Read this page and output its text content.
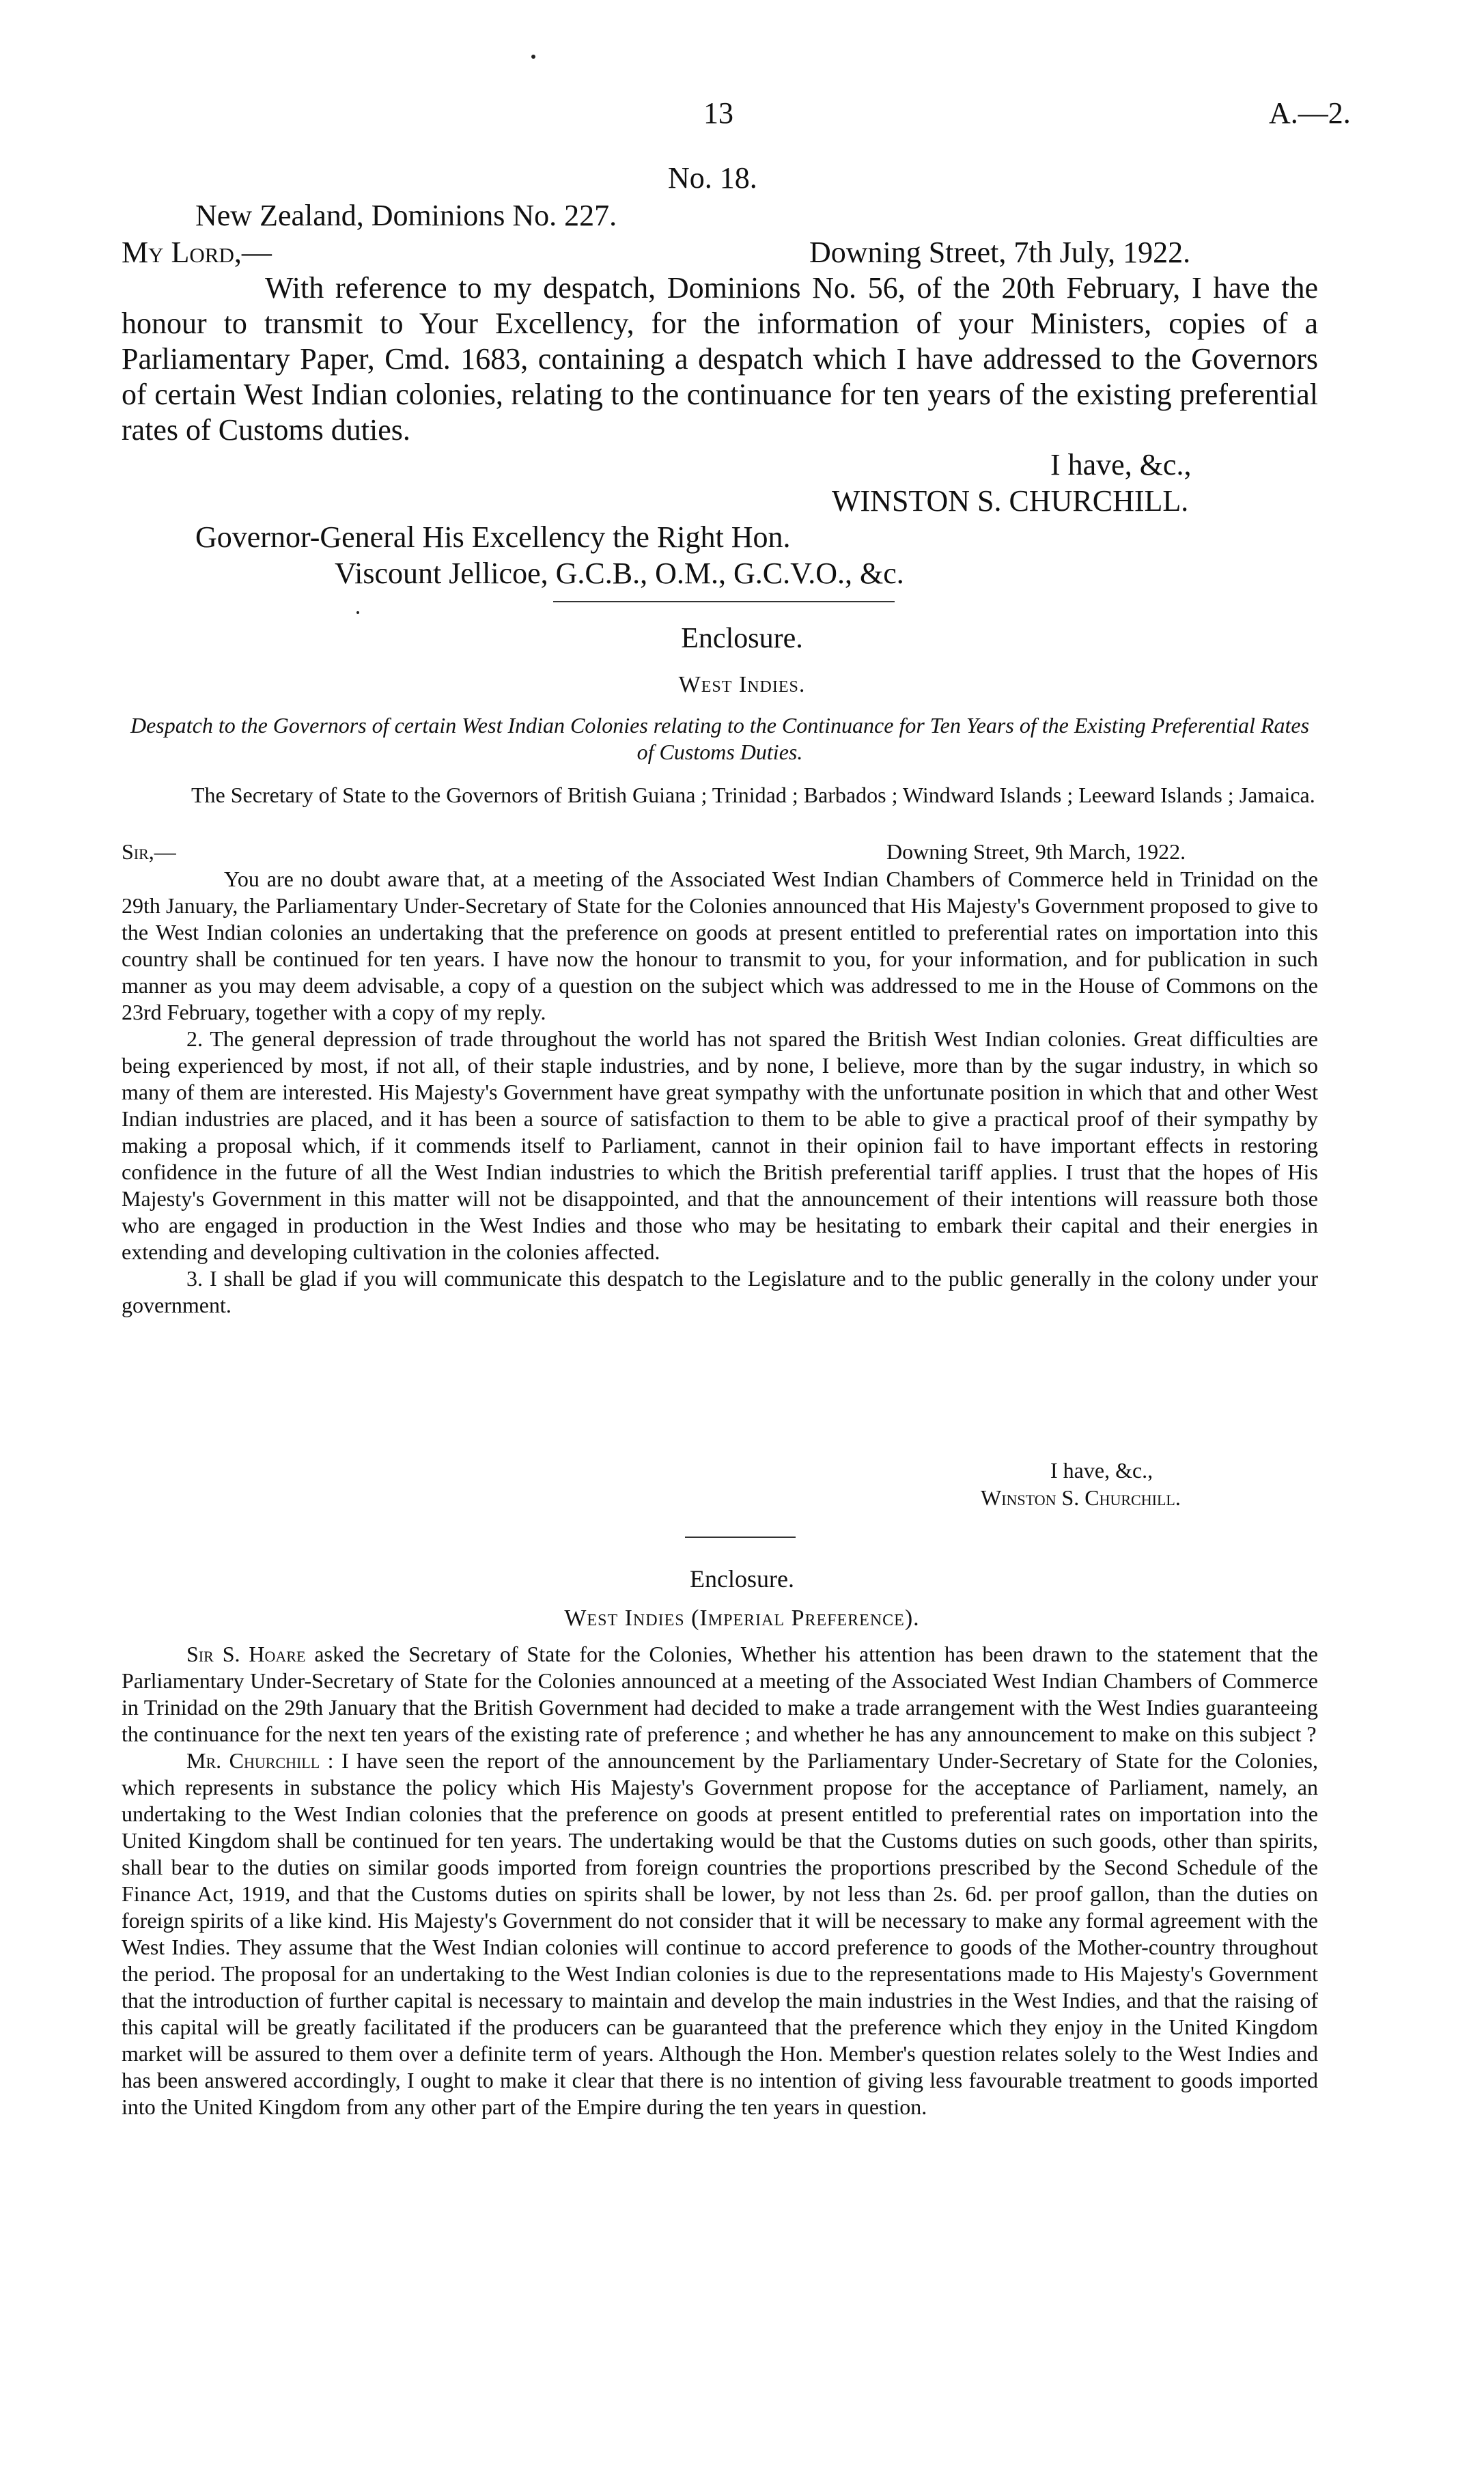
13	A.—2.
No. 18.
New Zealand, Dominions No. 227.
My Lord,—	Downing Street, 7th July, 1922.

With reference to my despatch, Dominions No. 56, of the 20th February, I have the honour to transmit to Your Excellency, for the information of your Ministers, copies of a Parliamentary Paper, Cmd. 1683, containing a despatch which I have addressed to the Governors of certain West Indian colonies, relating to the continuance for ten years of the existing preferential rates of Customs duties.

I have, &c.,
WINSTON S. CHURCHILL.
Governor-General His Excellency the Right Hon.
Viscount Jellicoe, G.C.B., O.M., G.C.V.O., &c.
Enclosure.
West Indies.
Despatch to the Governors of certain West Indian Colonies relating to the Continuance for Ten Years of the Existing Preferential Rates of Customs Duties.
The Secretary of State to the Governors of British Guiana ; Trinidad ; Barbados ; Windward Islands ; Leeward Islands ; Jamaica.
Sir,—	Downing Street, 9th March, 1922.

You are no doubt aware that, at a meeting of the Associated West Indian Chambers of Commerce held in Trinidad on the 29th January, the Parliamentary Under-Secretary of State for the Colonies announced that His Majesty's Government proposed to give to the West Indian colonies an undertaking that the preference on goods at present entitled to preferential rates on importation into this country shall be continued for ten years. I have now the honour to transmit to you, for your information, and for publication in such manner as you may deem advisable, a copy of a question on the subject which was addressed to me in the House of Commons on the 23rd February, together with a copy of my reply.

2. The general depression of trade throughout the world has not spared the British West Indian colonies. Great difficulties are being experienced by most, if not all, of their staple industries, and by none, I believe, more than by the sugar industry, in which so many of them are interested. His Majesty's Government have great sympathy with the unfortunate position in which that and other West Indian industries are placed, and it has been a source of satisfaction to them to be able to give a practical proof of their sympathy by making a proposal which, if it commends itself to Parliament, cannot in their opinion fail to have important effects in restoring confidence in the future of all the West Indian industries to which the British preferential tariff applies. I trust that the hopes of His Majesty's Government in this matter will not be disappointed, and that the announcement of their intentions will reassure both those who are engaged in production in the West Indies and those who may be hesitating to embark their capital and their energies in extending and developing cultivation in the colonies affected.

3. I shall be glad if you will communicate this despatch to the Legislature and to the public generally in the colony under your government.

I have, &c.,
Winston S. Churchill.
Enclosure.
West Indies (Imperial Preference).

Sir S. Hoare asked the Secretary of State for the Colonies, Whether his attention has been drawn to the statement that the Parliamentary Under-Secretary of State for the Colonies announced at a meeting of the Associated West Indian Chambers of Commerce in Trinidad on the 29th January that the British Government had decided to make a trade arrangement with the West Indies guaranteeing the continuance for the next ten years of the existing rate of preference ; and whether he has any announcement to make on this subject ?

Mr. Churchill : I have seen the report of the announcement by the Parliamentary Under-Secretary of State for the Colonies, which represents in substance the policy which His Majesty's Government propose for the acceptance of Parliament, namely, an undertaking to the West Indian colonies that the preference on goods at present entitled to preferential rates on importation into the United Kingdom shall be continued for ten years. The undertaking would be that the Customs duties on such goods, other than spirits, shall bear to the duties on similar goods imported from foreign countries the proportions prescribed by the Second Schedule of the Finance Act, 1919, and that the Customs duties on spirits shall be lower, by not less than 2s. 6d. per proof gallon, than the duties on foreign spirits of a like kind. His Majesty's Government do not consider that it will be necessary to make any formal agreement with the West Indies. They assume that the West Indian colonies will continue to accord preference to goods of the Mother-country throughout the period. The proposal for an undertaking to the West Indian colonies is due to the representations made to His Majesty's Government that the introduction of further capital is necessary to maintain and develop the main industries in the West Indies, and that the raising of this capital will be greatly facilitated if the producers can be guaranteed that the preference which they enjoy in the United Kingdom market will be assured to them over a definite term of years. Although the Hon. Member's question relates solely to the West Indies and has been answered accordingly, I ought to make it clear that there is no intention of giving less favourable treatment to goods imported into the United Kingdom from any other part of the Empire during the ten years in question.
